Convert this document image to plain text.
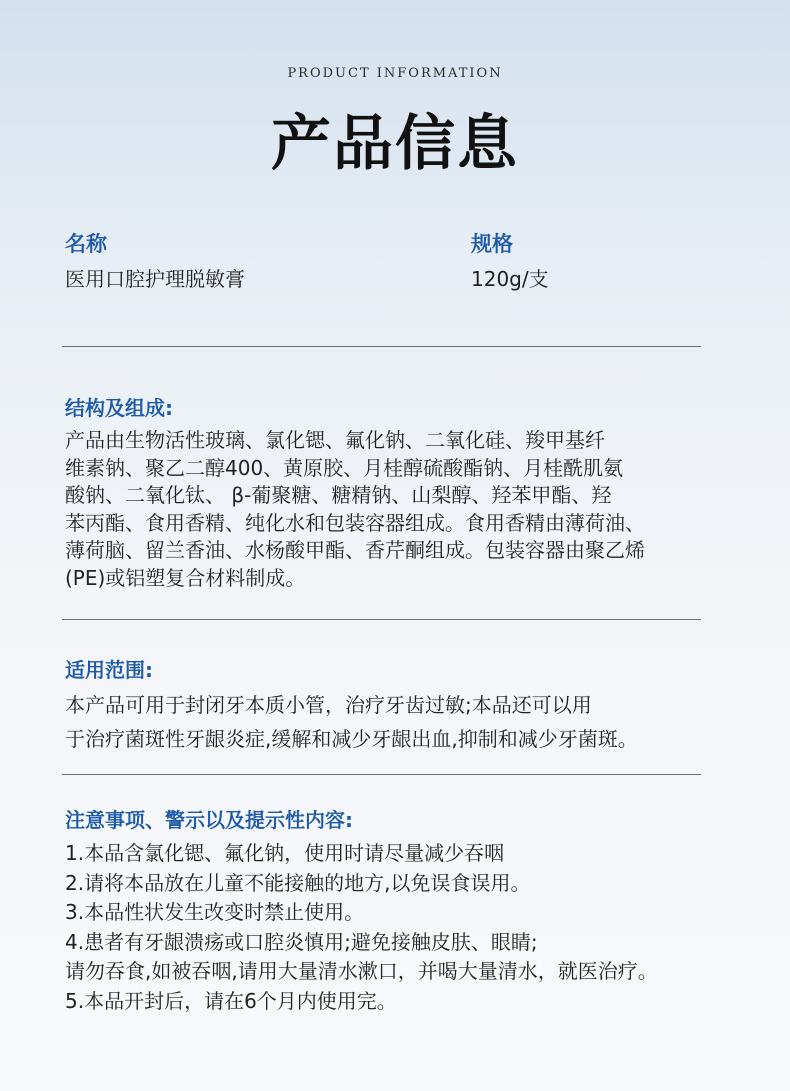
PRODUCT INFORMATION
产品信息
名称
医用口腔护理脱敏膏
规格
120g/支
结构及组成:
产品由生物活性玻璃、氯化锶、氟化钠、二氧化硅、羧甲基纤
维素钠、聚乙二醇400、黄原胶、月桂醇硫酸酯钠、月桂酰肌氨
酸钠、二氧化钛、 β-葡聚糖、糖精钠、山梨醇、羟苯甲酯、羟
苯丙酯、食用香精、纯化水和包装容器组成。食用香精由薄荷油、
薄荷脑、留兰香油、水杨酸甲酯、香芹酮组成。包装容器由聚乙烯
(PE)或铝塑复合材料制成。
适用范围:
本产品可用于封闭牙本质小管，治疗牙齿过敏;本品还可以用
于治疗菌斑性牙龈炎症,缓解和减少牙龈出血,抑制和减少牙菌斑。
注意事项、警示以及提示性内容:
1.本品含氯化锶、氟化钠，使用时请尽量减少吞咽
2.请将本品放在儿童不能接触的地方,以免误食误用。
3.本品性状发生改变时禁止使用。
4.患者有牙龈溃疡或口腔炎慎用;避免接触皮肤、眼睛;
请勿吞食,如被吞咽,请用大量清水漱口，并喝大量清水，就医治疗。
5.本品开封后，请在6个月内使用完。
